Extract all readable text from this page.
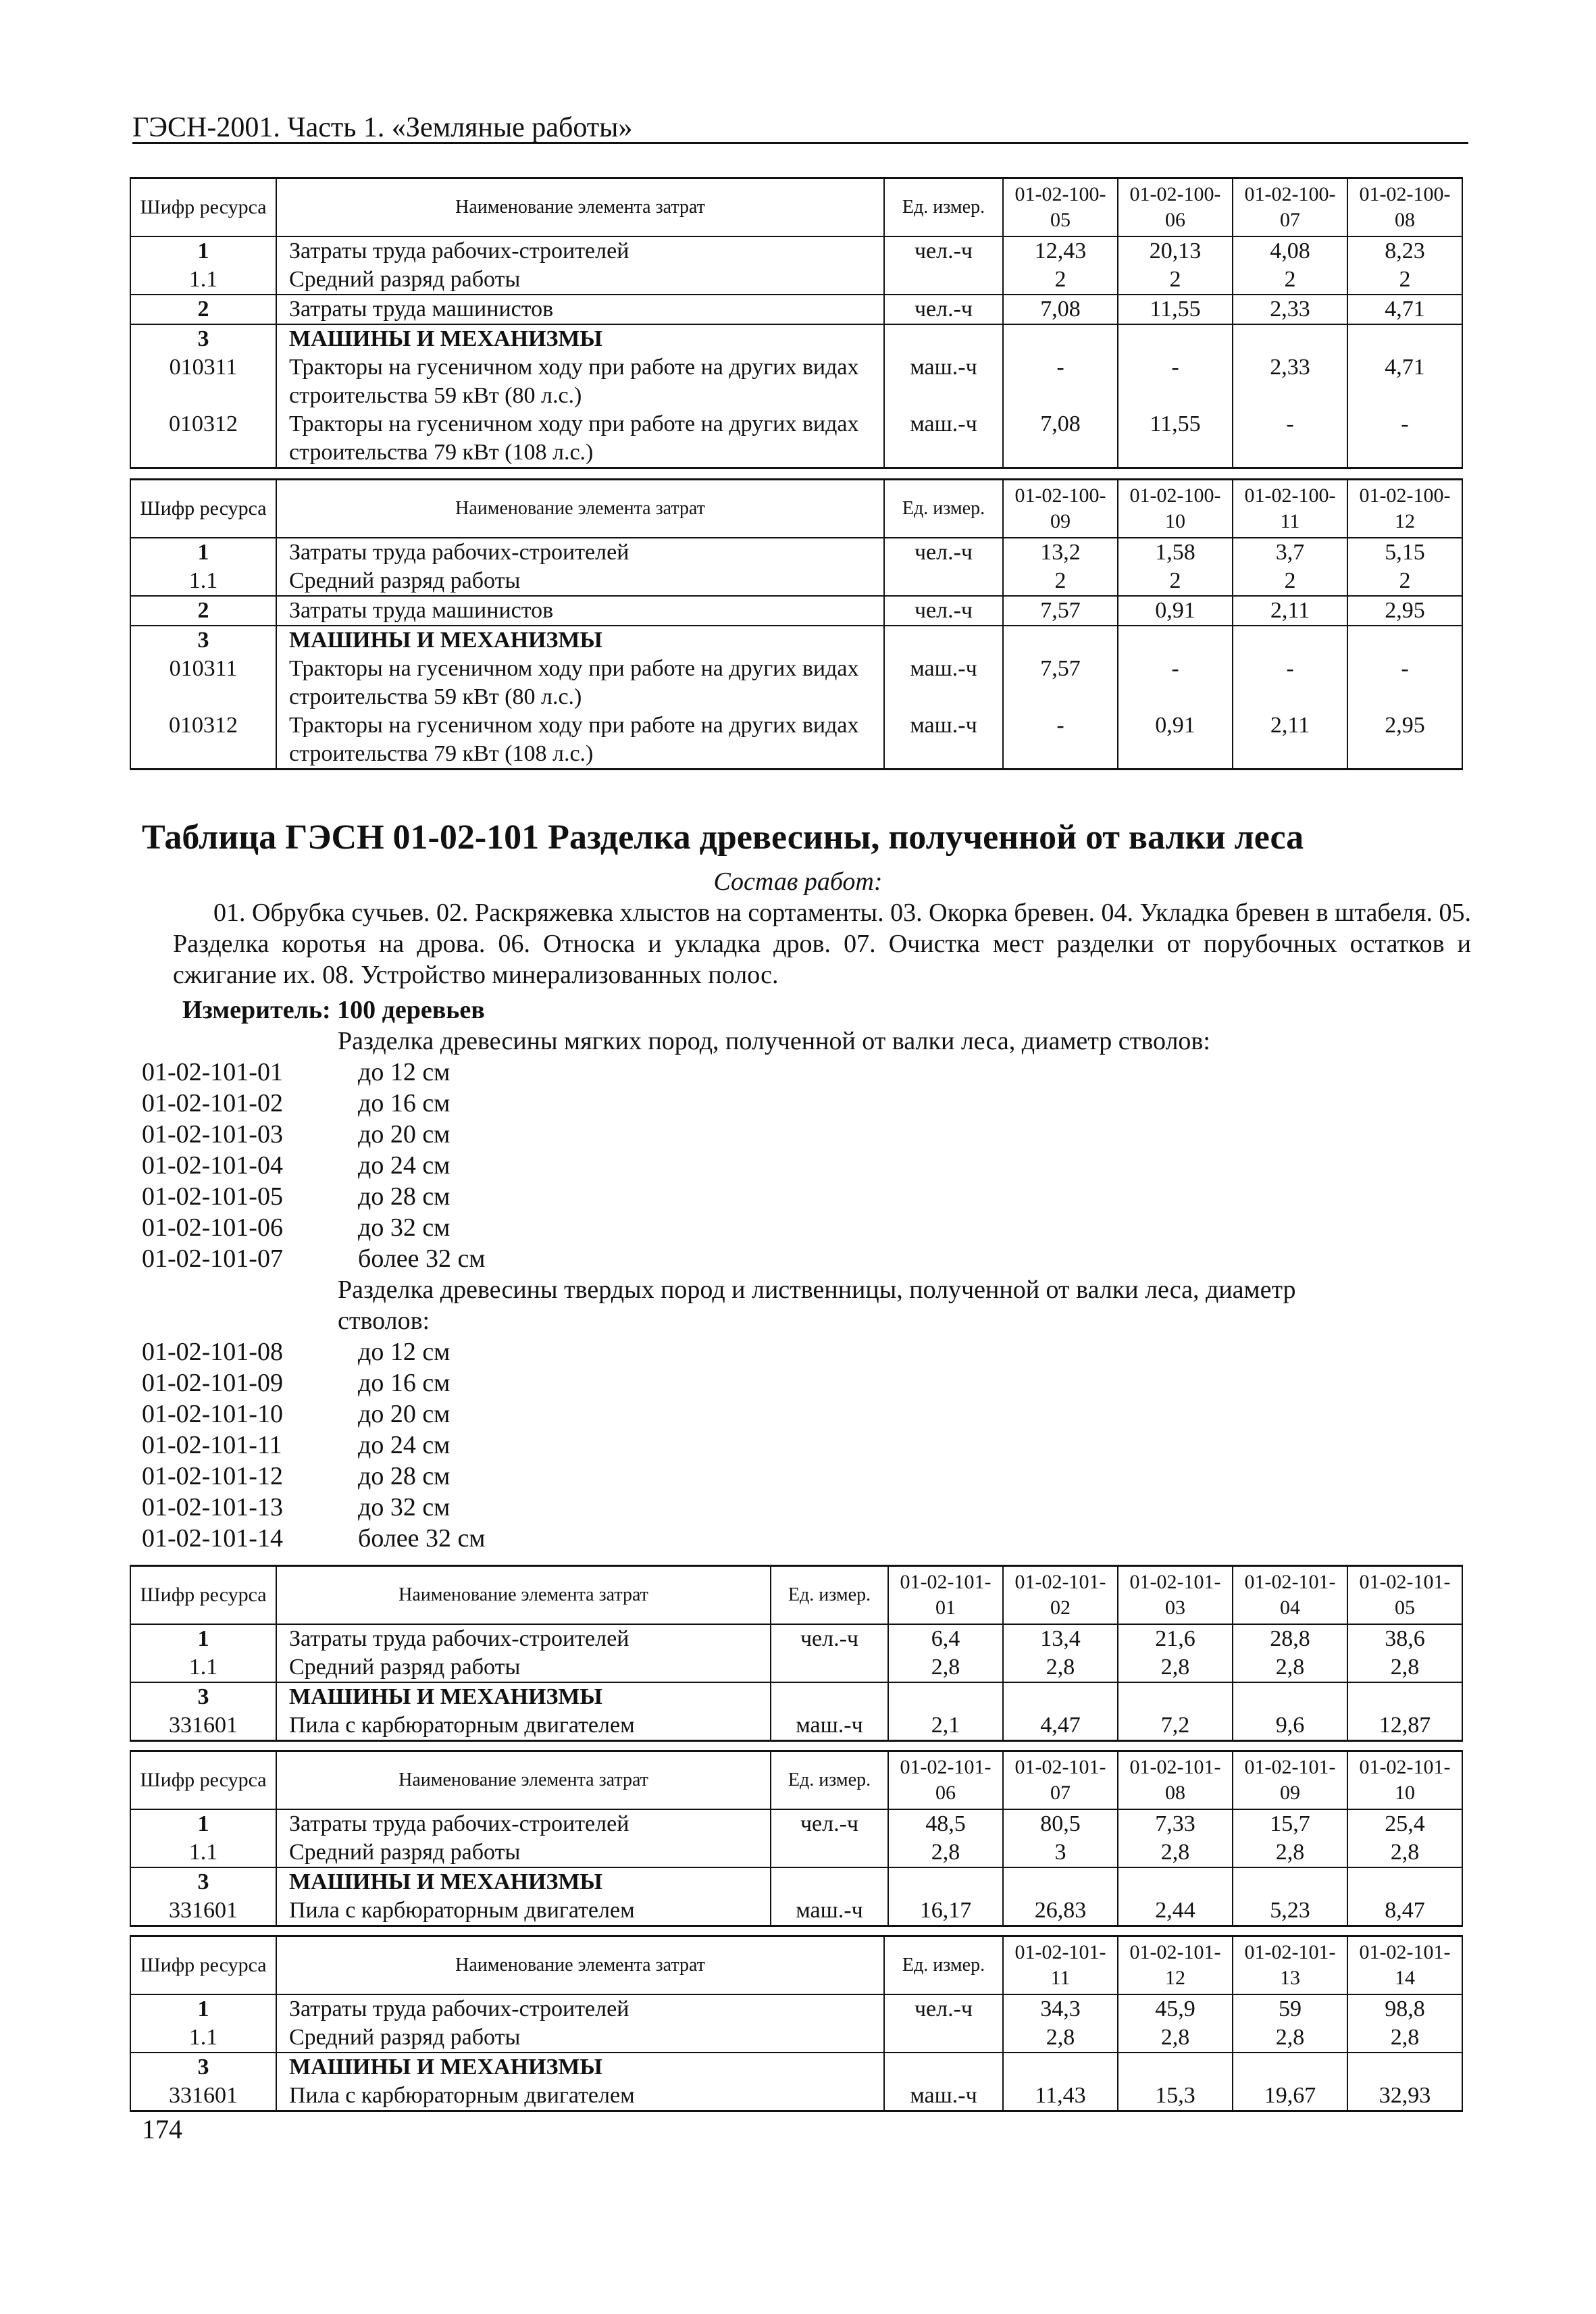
ГЭСН-2001. Часть 1. «Земляные работы»
Шифр ресурса	Наименование элемента затрат	Ед. измер.	01-02-100-05	01-02-100-06	01-02-100-07	01-02-100-08
1	Затраты труда рабочих-строителей	чел.-ч	12,43	20,13	4,08	8,23
1.1	Средний разряд работы		2	2	2	2
2	Затраты труда машинистов	чел.-ч	7,08	11,55	2,33	4,71
3	МАШИНЫ И МЕХАНИЗМЫ					
010311	Тракторы на гусеничном ходу при работе на других видах строительства 59 кВт (80 л.с.)	маш.-ч	-	-	2,33	4,71
010312	Тракторы на гусеничном ходу при работе на других видах строительства 79 кВт (108 л.с.)	маш.-ч	7,08	11,55	-	-
Шифр ресурса	Наименование элемента затрат	Ед. измер.	01-02-100-09	01-02-100-10	01-02-100-11	01-02-100-12
1	Затраты труда рабочих-строителей	чел.-ч	13,2	1,58	3,7	5,15
1.1	Средний разряд работы		2	2	2	2
2	Затраты труда машинистов	чел.-ч	7,57	0,91	2,11	2,95
3	МАШИНЫ И МЕХАНИЗМЫ					
010311	Тракторы на гусеничном ходу при работе на других видах строительства 59 кВт (80 л.с.)	маш.-ч	7,57	-	-	-
010312	Тракторы на гусеничном ходу при работе на других видах строительства 79 кВт (108 л.с.)	маш.-ч	-	0,91	2,11	2,95
Таблица ГЭСН 01-02-101 Разделка древесины, полученной от валки леса
Состав работ:
01. Обрубка сучьев. 02. Раскряжевка хлыстов на сортаменты. 03. Окорка бревен. 04. Укладка бревен в штабеля. 05. Разделка коротья на дрова. 06. Относка и укладка дров. 07. Очистка мест разделки от порубочных остатков и сжигание их. 08. Устройство минерализованных полос.
Измеритель: 100 деревьев
Разделка древесины мягких пород, полученной от валки леса, диаметр стволов:
01-02-101-01	до 12 см
01-02-101-02	до 16 см
01-02-101-03	до 20 см
01-02-101-04	до 24 см
01-02-101-05	до 28 см
01-02-101-06	до 32 см
01-02-101-07	более 32 см
Разделка древесины твердых пород и лиственницы, полученной от валки леса, диаметр стволов:
01-02-101-08	до 12 см
01-02-101-09	до 16 см
01-02-101-10	до 20 см
01-02-101-11	до 24 см
01-02-101-12	до 28 см
01-02-101-13	до 32 см
01-02-101-14	более 32 см
Шифр ресурса	Наименование элемента затрат	Ед. измер.	01-02-101-01	01-02-101-02	01-02-101-03	01-02-101-04	01-02-101-05
1	Затраты труда рабочих-строителей	чел.-ч	6,4	13,4	21,6	28,8	38,6
1.1	Средний разряд работы		2,8	2,8	2,8	2,8	2,8
3	МАШИНЫ И МЕХАНИЗМЫ						
331601	Пила с карбюраторным двигателем	маш.-ч	2,1	4,47	7,2	9,6	12,87
Шифр ресурса	Наименование элемента затрат	Ед. измер.	01-02-101-06	01-02-101-07	01-02-101-08	01-02-101-09	01-02-101-10
1	Затраты труда рабочих-строителей	чел.-ч	48,5	80,5	7,33	15,7	25,4
1.1	Средний разряд работы		2,8	3	2,8	2,8	2,8
3	МАШИНЫ И МЕХАНИЗМЫ						
331601	Пила с карбюраторным двигателем	маш.-ч	16,17	26,83	2,44	5,23	8,47
Шифр ресурса	Наименование элемента затрат	Ед. измер.	01-02-101-11	01-02-101-12	01-02-101-13	01-02-101-14
1	Затраты труда рабочих-строителей	чел.-ч	34,3	45,9	59	98,8
1.1	Средний разряд работы		2,8	2,8	2,8	2,8
3	МАШИНЫ И МЕХАНИЗМЫ					
331601	Пила с карбюраторным двигателем	маш.-ч	11,43	15,3	19,67	32,93
174
